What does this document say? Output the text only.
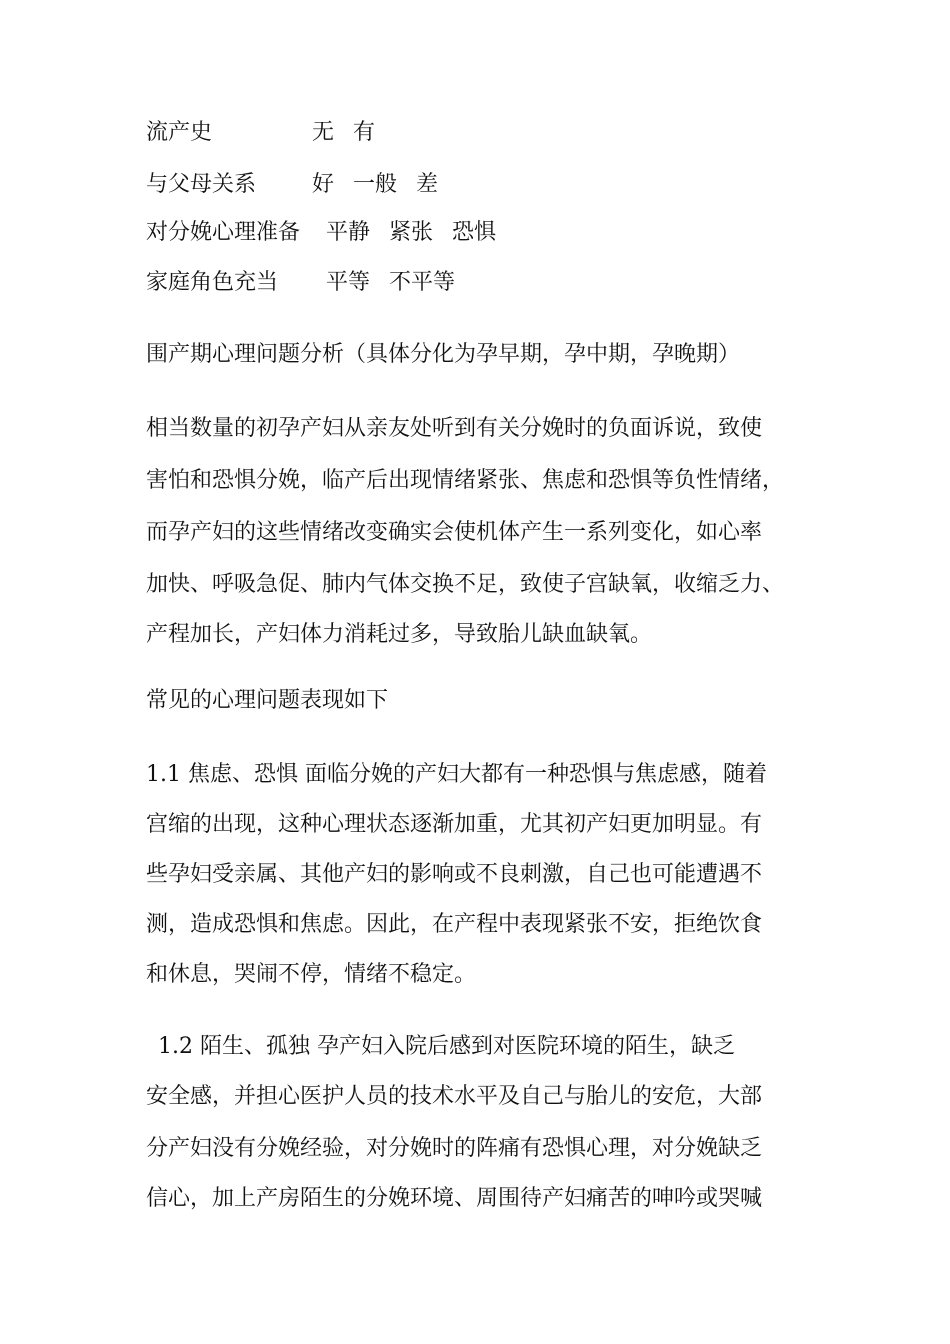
流产史	无 有
与父母关系	好 一般 差
对分娩心理准备 平静 紧张 恐惧
家庭角色充当 平等 不平等
围产期心理问题分析（具体分化为孕早期，孕中期，孕晚期）
相当数量的初孕产妇从亲友处听到有关分娩时的负面诉说，致使
害怕和恐惧分娩，临产后出现情绪紧张、焦虑和恐惧等负性情绪，
而孕产妇的这些情绪改变确实会使机体产生一系列变化，如心率
加快、呼吸急促、肺内气体交换不足，致使子宫缺氧，收缩乏力、
产程加长，产妇体力消耗过多，导致胎儿缺血缺氧。
常见的心理问题表现如下
1.1 焦虑、恐惧 面临分娩的产妇大都有一种恐惧与焦虑感，随着
宫缩的出现，这种心理状态逐渐加重，尤其初产妇更加明显。有
些孕妇受亲属、其他产妇的影响或不良刺激，自己也可能遭遇不
测，造成恐惧和焦虑。因此，在产程中表现紧张不安，拒绝饮食
和休息，哭闹不停，情绪不稳定。
1.2 陌生、孤独 孕产妇入院后感到对医院环境的陌生，缺乏
安全感，并担心医护人员的技术水平及自己与胎儿的安危，大部
分产妇没有分娩经验，对分娩时的阵痛有恐惧心理，对分娩缺乏
信心，加上产房陌生的分娩环境、周围待产妇痛苦的呻吟或哭喊
